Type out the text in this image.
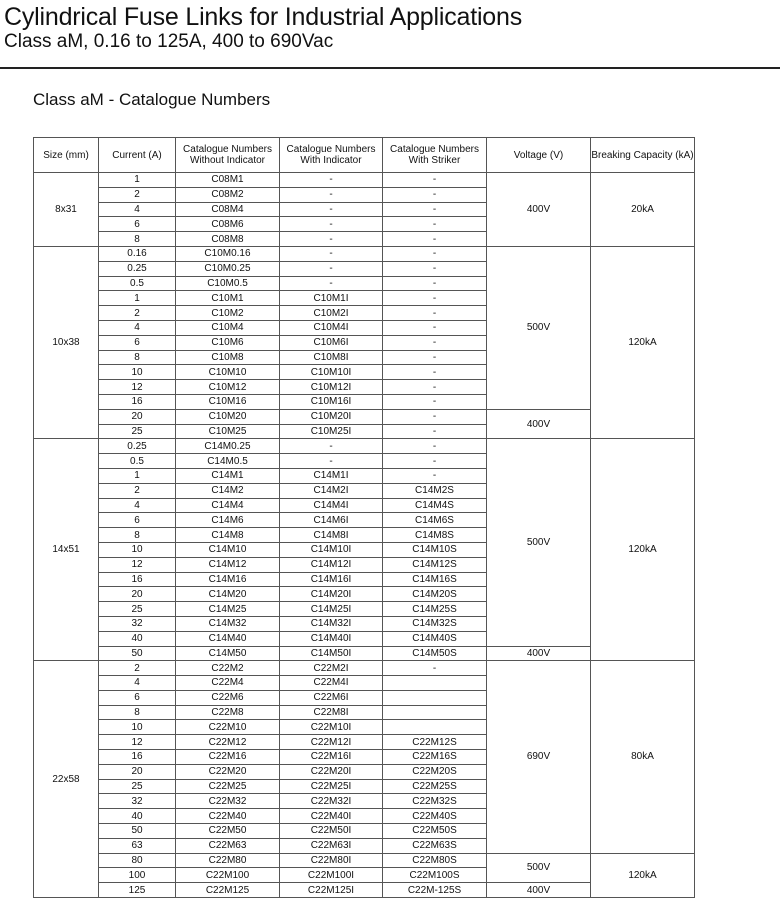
Cylindrical Fuse Links for Industrial Applications
Class aM, 0.16 to 125A, 400 to 690Vac
Class aM - Catalogue Numbers
Size (mm)	Current (A)	Catalogue Numbers Without Indicator	Catalogue Numbers With Indicator	Catalogue Numbers With Striker	Voltage (V)	Breaking Capacity (kA)
8x31	1	C08M1	-	-	400V	20kA
	2	C08M2	-	-		
	4	C08M4	-	-		
	6	C08M6	-	-		
	8	C08M8	-	-		
10x38	0.16	C10M0.16	-	-	500V	120kA
	0.25	C10M0.25	-	-		
	0.5	C10M0.5	-	-		
	1	C10M1	C10M1I	-		
	2	C10M2	C10M2I	-		
	4	C10M4	C10M4I	-		
	6	C10M6	C10M6I	-		
	8	C10M8	C10M8I	-		
	10	C10M10	C10M10I	-		
	12	C10M12	C10M12I	-		
	16	C10M16	C10M16I	-		
	20	C10M20	C10M20I	-	400V	
	25	C10M25	C10M25I	-		
14x51	0.25	C14M0.25	-	-	500V	120kA
	0.5	C14M0.5	-	-		
	1	C14M1	C14M1I	-		
	2	C14M2	C14M2I	C14M2S		
	4	C14M4	C14M4I	C14M4S		
	6	C14M6	C14M6I	C14M6S		
	8	C14M8	C14M8I	C14M8S		
	10	C14M10	C14M10I	C14M10S		
	12	C14M12	C14M12I	C14M12S		
	16	C14M16	C14M16I	C14M16S		
	20	C14M20	C14M20I	C14M20S		
	25	C14M25	C14M25I	C14M25S		
	32	C14M32	C14M32I	C14M32S		
	40	C14M40	C14M40I	C14M40S		
	50	C14M50	C14M50I	C14M50S	400V	
22x58	2	C22M2	C22M2I	-	690V	80kA
	4	C22M4	C22M4I			
	6	C22M6	C22M6I			
	8	C22M8	C22M8I			
	10	C22M10	C22M10I			
	12	C22M12	C22M12I	C22M12S		
	16	C22M16	C22M16I	C22M16S		
	20	C22M20	C22M20I	C22M20S		
	25	C22M25	C22M25I	C22M25S		
	32	C22M32	C22M32I	C22M32S		
	40	C22M40	C22M40I	C22M40S		
	50	C22M50	C22M50I	C22M50S		
	63	C22M63	C22M63I	C22M63S		
	80	C22M80	C22M80I	C22M80S	500V	120kA
	100	C22M100	C22M100I	C22M100S		
	125	C22M125	C22M125I	C22M-125S	400V	
